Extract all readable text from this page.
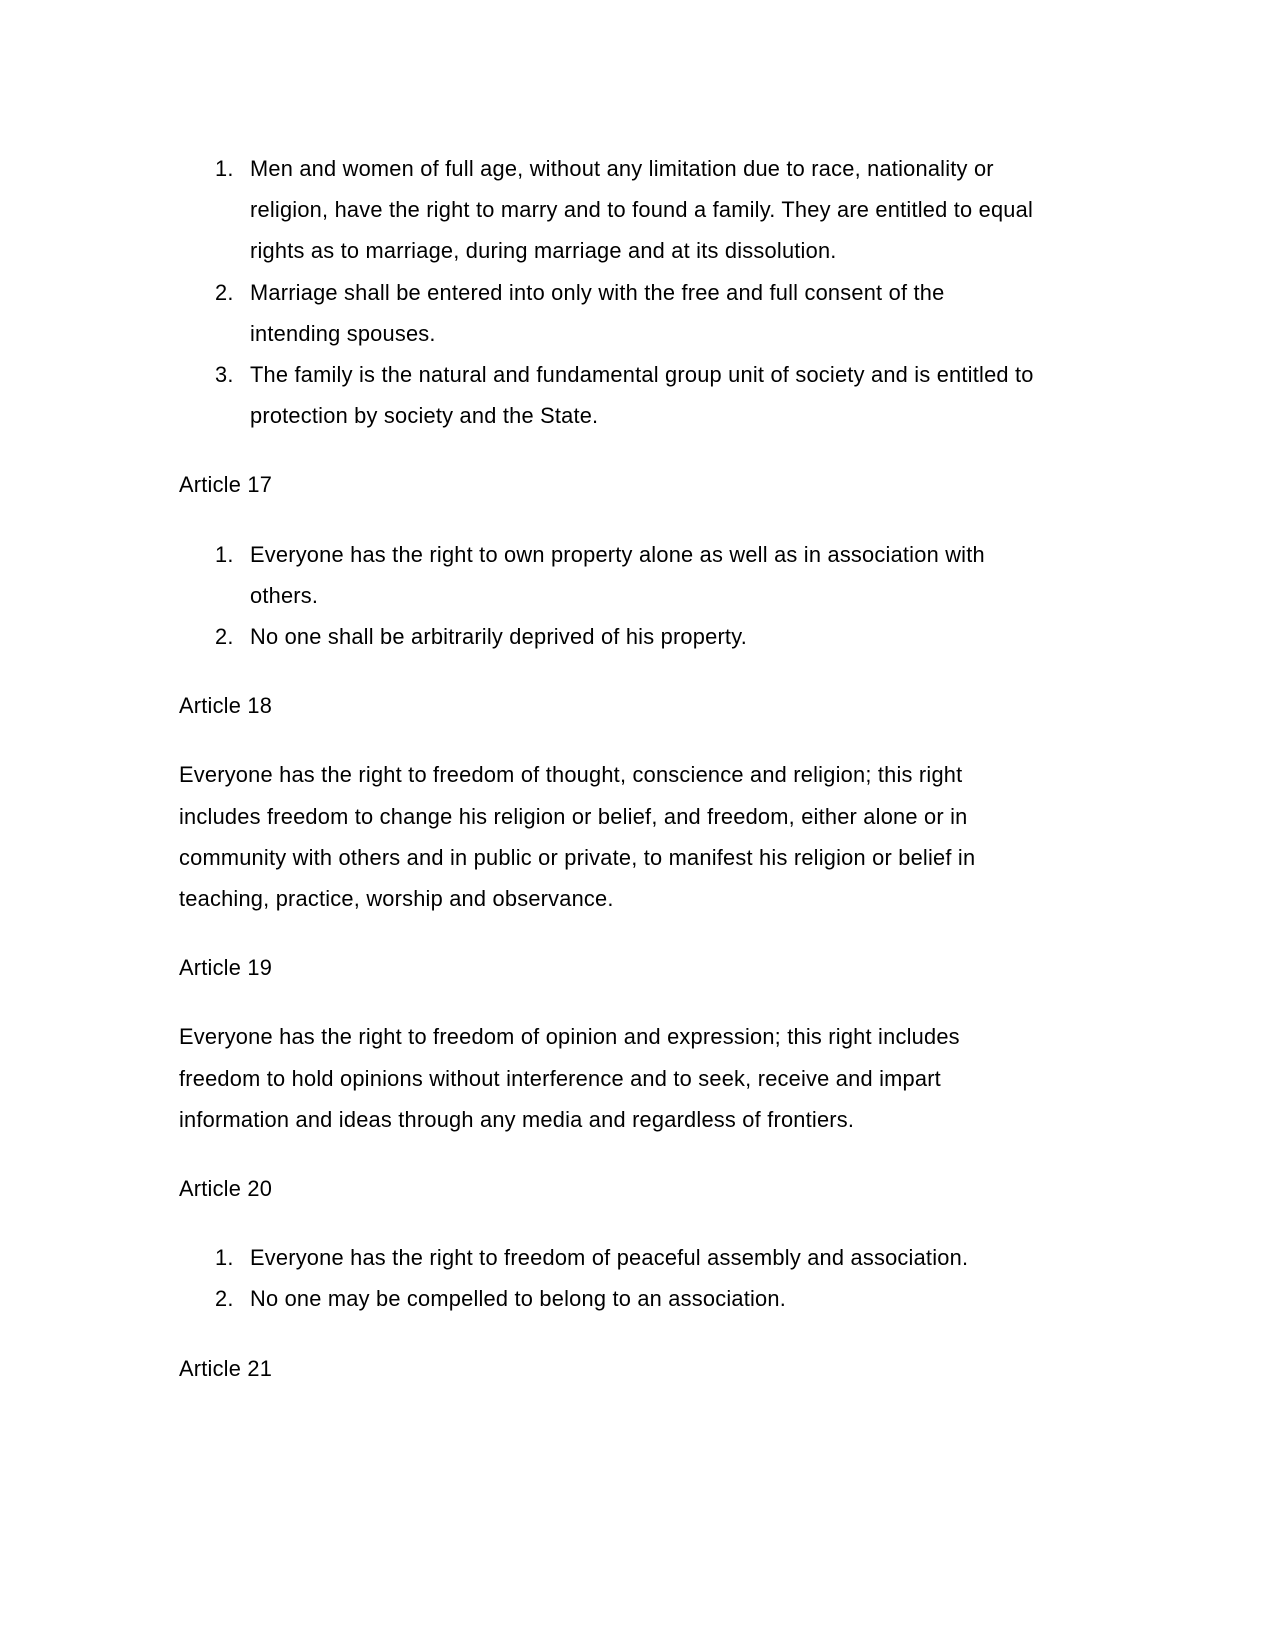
1. Men and women of full age, without any limitation due to race, nationality or religion, have the right to marry and to found a family. They are entitled to equal rights as to marriage, during marriage and at its dissolution.
2. Marriage shall be entered into only with the free and full consent of the intending spouses.
3. The family is the natural and fundamental group unit of society and is entitled to protection by society and the State.

Article 17

1. Everyone has the right to own property alone as well as in association with others.
2. No one shall be arbitrarily deprived of his property.

Article 18

Everyone has the right to freedom of thought, conscience and religion; this right includes freedom to change his religion or belief, and freedom, either alone or in community with others and in public or private, to manifest his religion or belief in teaching, practice, worship and observance.

Article 19

Everyone has the right to freedom of opinion and expression; this right includes freedom to hold opinions without interference and to seek, receive and impart information and ideas through any media and regardless of frontiers.

Article 20

1. Everyone has the right to freedom of peaceful assembly and association.
2. No one may be compelled to belong to an association.

Article 21
